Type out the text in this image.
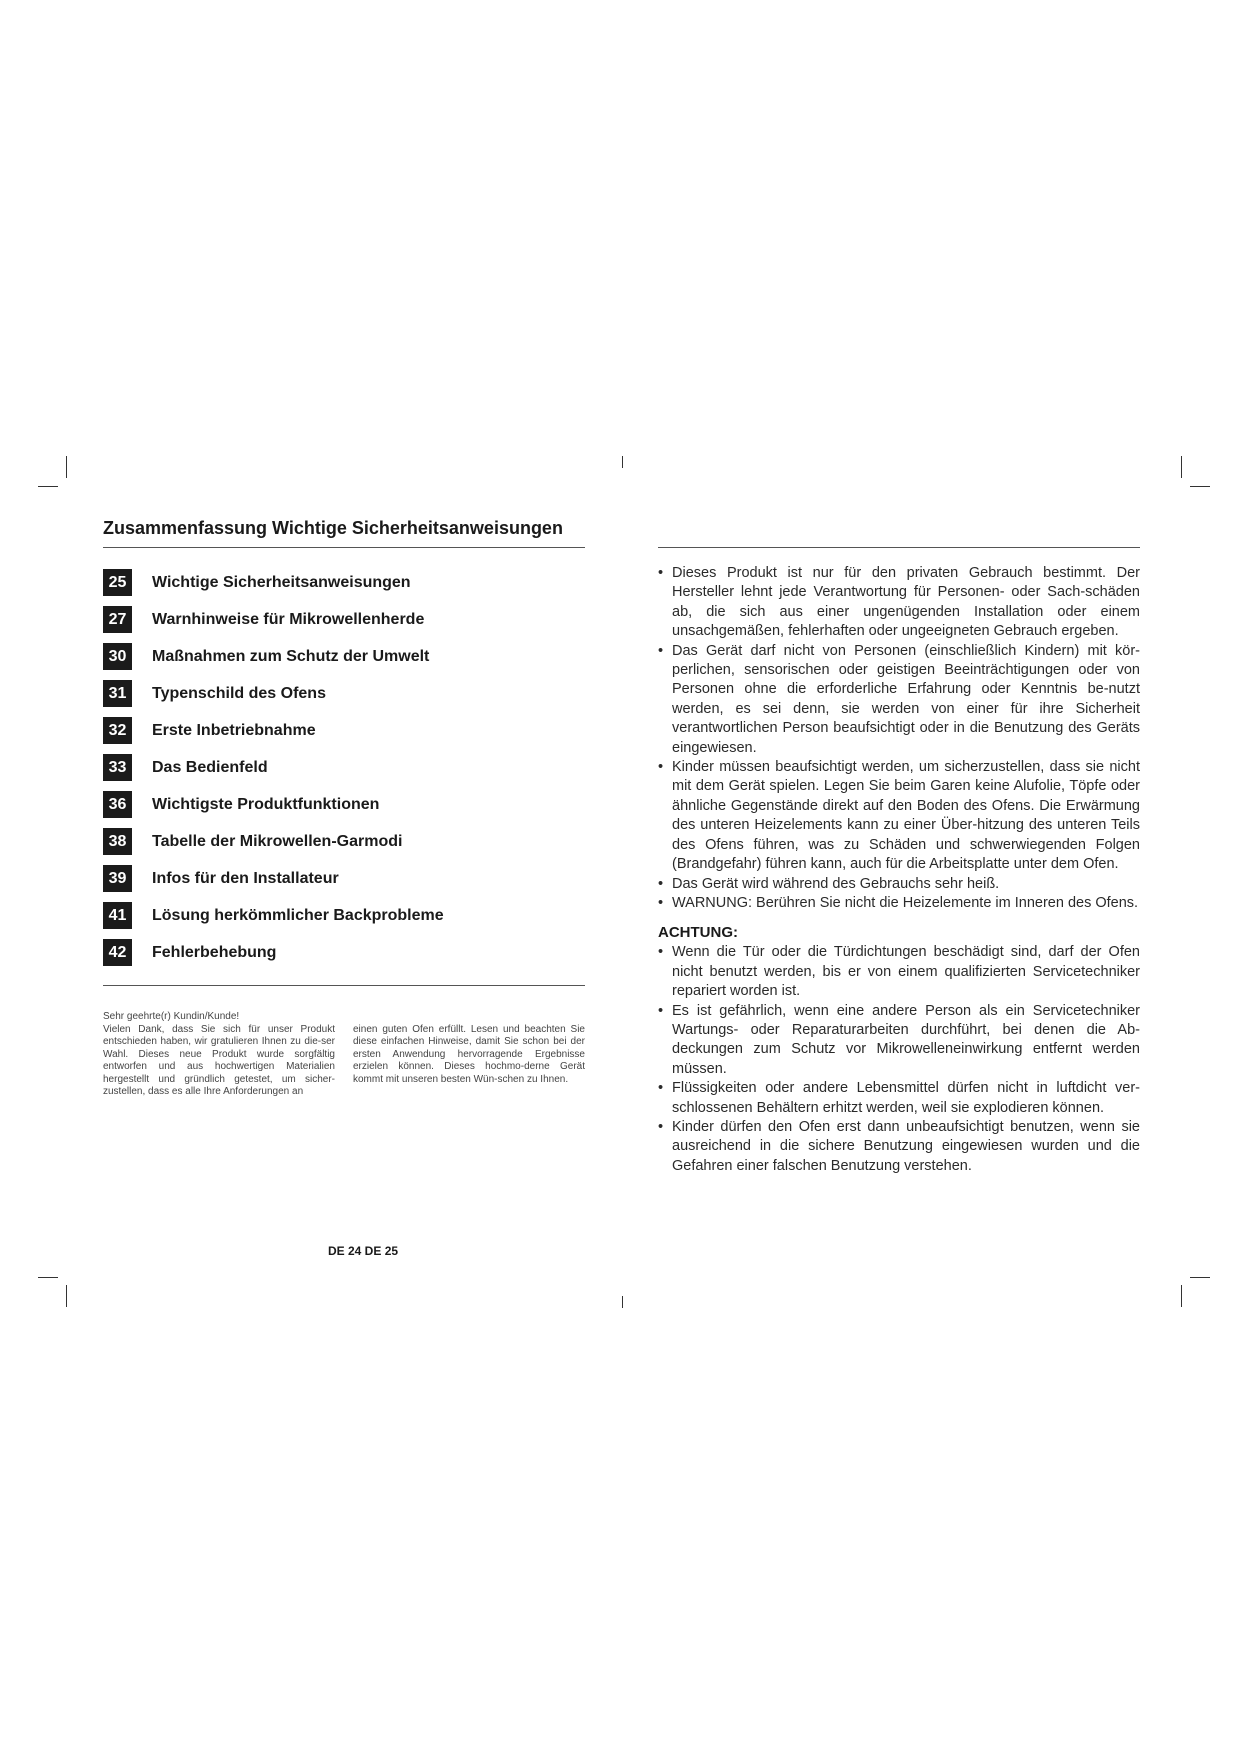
Zusammenfassung Wichtige Sicherheitsanweisungen
25	Wichtige Sicherheitsanweisungen
27	Warnhinweise für Mikrowellenherde
30	Maßnahmen zum Schutz der Umwelt
31	Typenschild des Ofens
32	Erste Inbetriebnahme
33	Das Bedienfeld
36	Wichtigste Produktfunktionen
38	Tabelle der Mikrowellen-Garmodi
39	Infos für den Installateur
41	Lösung herkömmlicher Backprobleme
42	Fehlerbehebung
Sehr geehrte(r) Kundin/Kunde!
Vielen Dank, dass Sie sich für unser Produkt entschieden haben, wir gratulieren Ihnen zu die-ser Wahl. Dieses neue Produkt wurde sorgfältig entworfen und aus hochwertigen Materialien hergestellt und gründlich getestet, um sicher-zustellen, dass es alle Ihre Anforderungen an
einen guten Ofen erfüllt. Lesen und beachten Sie diese einfachen Hinweise, damit Sie schon bei der ersten Anwendung hervorragende Ergebnisse erzielen können. Dieses hochmo-derne Gerät kommt mit unseren besten Wün-schen zu Ihnen.
DE 24 DE 25
• Dieses Produkt ist nur für den privaten Gebrauch bestimmt. Der Hersteller lehnt jede Verantwortung für Personen- oder Sach-schäden ab, die sich aus einer ungenügenden Installation oder einem unsachgemäßen, fehlerhaften oder ungeeigneten Gebrauch ergeben.
• Das Gerät darf nicht von Personen (einschließlich Kindern) mit kör-perlichen, sensorischen oder geistigen Beeinträchtigungen oder von Personen ohne die erforderliche Erfahrung oder Kenntnis be-nutzt werden, es sei denn, sie werden von einer für ihre Sicherheit verantwortlichen Person beaufsichtigt oder in die Benutzung des Geräts eingewiesen.
• Kinder müssen beaufsichtigt werden, um sicherzustellen, dass sie nicht mit dem Gerät spielen. Legen Sie beim Garen keine Alufolie, Töpfe oder ähnliche Gegenstände direkt auf den Boden des Ofens. Die Erwärmung des unteren Heizelements kann zu einer Über-hitzung des unteren Teils des Ofens führen, was zu Schäden und schwerwiegenden Folgen (Brandgefahr) führen kann, auch für die Arbeitsplatte unter dem Ofen.
• Das Gerät wird während des Gebrauchs sehr heiß.
• WARNUNG: Berühren Sie nicht die Heizelemente im Inneren des Ofens.

ACHTUNG:

• Wenn die Tür oder die Türdichtungen beschädigt sind, darf der Ofen nicht benutzt werden, bis er von einem qualifizierten Servicetechniker repariert worden ist.
• Es ist gefährlich, wenn eine andere Person als ein Servicetechniker Wartungs- oder Reparaturarbeiten durchführt, bei denen die Ab-deckungen zum Schutz vor Mikrowelleneinwirkung entfernt werden müssen.
• Flüssigkeiten oder andere Lebensmittel dürfen nicht in luftdicht ver-schlossenen Behältern erhitzt werden, weil sie explodieren können.
• Kinder dürfen den Ofen erst dann unbeaufsichtigt benutzen, wenn sie ausreichend in die sichere Benutzung eingewiesen wurden und die Gefahren einer falschen Benutzung verstehen.
